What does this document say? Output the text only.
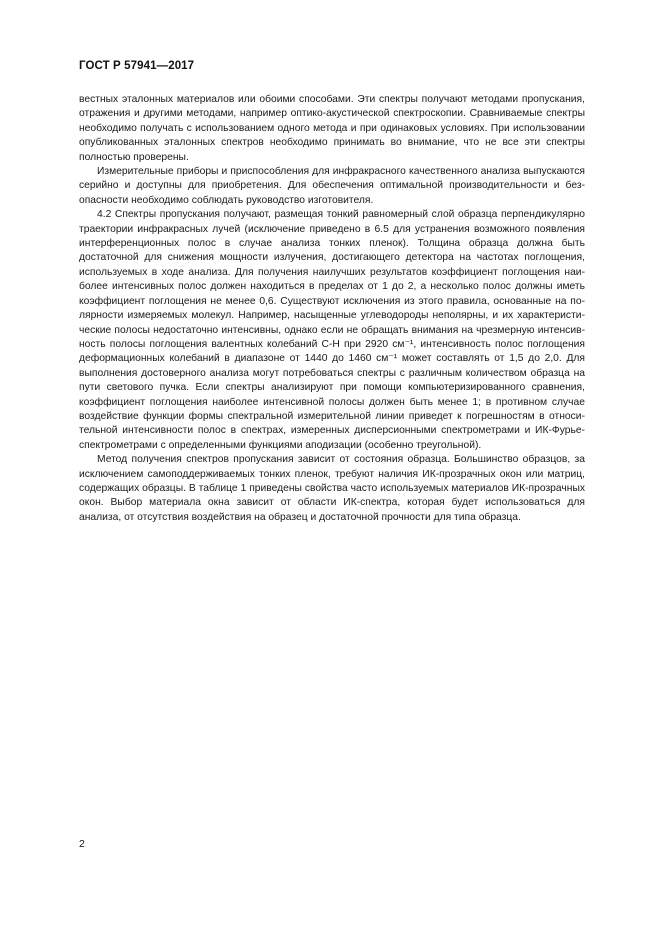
ГОСТ Р 57941—2017

вестных эталонных материалов или обоими способами. Эти спектры получают методами пропускания, отражения и другими методами, например оптико-акустической спектроскопии. Сравниваемые спектры необходимо получать с использованием одного метода и при одинаковых условиях. При использовании опубликованных эталонных спектров необходимо принимать во внимание, что не все эти спектры полностью проверены.

Измерительные приборы и приспособления для инфракрасного качественного анализа выпускаются серийно и доступны для приобретения. Для обеспечения оптимальной производительности и безопасности необходимо соблюдать руководство изготовителя.

4.2 Спектры пропускания получают, размещая тонкий равномерный слой образца перпендикулярно траектории инфракрасных лучей (исключение приведено в 6.5 для устранения возможного появления интерференционных полос в случае анализа тонких пленок). Толщина образца должна быть достаточной для снижения мощности излучения, достигающего детектора на частотах поглощения, используемых в ходе анализа. Для получения наилучших результатов коэффициент поглощения наиболее интенсивных полос должен находиться в пределах от 1 до 2, а несколько полос должны иметь коэффициент поглощения не менее 0,6. Существуют исключения из этого правила, основанные на полярности измеряемых молекул. Например, насыщенные углеводороды неполярны, и их характеристические полосы недостаточно интенсивны, однако если не обращать внимания на чрезмерную интенсивность полосы поглощения валентных колебаний С-Н при 2920 см⁻¹, интенсивность полос поглощения деформационных колебаний в диапазоне от 1440 до 1460 см⁻¹ может составлять от 1,5 до 2,0. Для выполнения достоверного анализа могут потребоваться спектры с различным количеством образца на пути светового пучка. Если спектры анализируют при помощи компьютеризированного сравнения, коэффициент поглощения наиболее интенсивной полосы должен быть менее 1; в противном случае воздействие функции формы спектральной измерительной линии приведет к погрешностям в относительной интенсивности полос в спектрах, измеренных дисперсионными спектрометрами и ИК-Фурье-спектрометрами с определенными функциями аподизации (особенно треугольной).

Метод получения спектров пропускания зависит от состояния образца. Большинство образцов, за исключением самоподдерживаемых тонких пленок, требуют наличия ИК-прозрачных окон или матриц, содержащих образцы. В таблице 1 приведены свойства часто используемых материалов ИК-прозрачных окон. Выбор материала окна зависит от области ИК-спектра, которая будет использоваться для анализа, от отсутствия воздействия на образец и достаточной прочности для типа образца.

2
